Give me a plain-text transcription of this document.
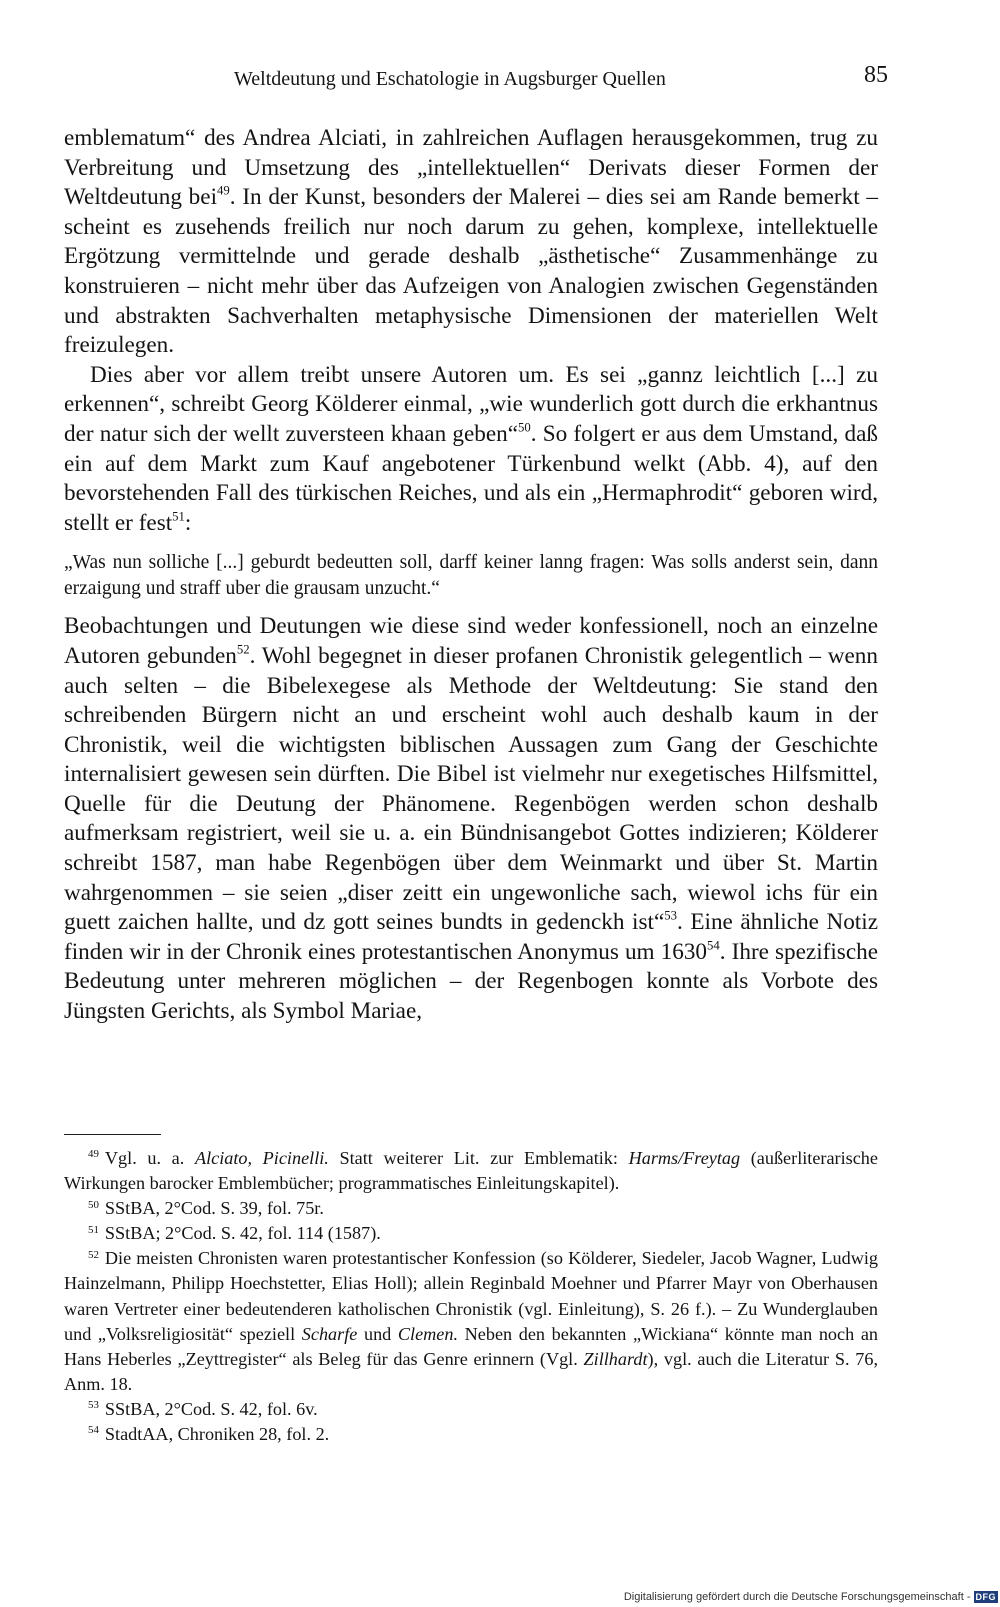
Weltdeutung und Eschatologie in Augsburger Quellen	85

emblematum“ des Andrea Alciati, in zahlreichen Auflagen herausgekommen, trug zu Verbreitung und Umsetzung des „intellektuellen“ Derivats dieser Formen der Weltdeutung bei$^{49}$. In der Kunst, besonders der Malerei – dies sei am Rande bemerkt – scheint es zusehends freilich nur noch darum zu gehen, komplexe, intellektuelle Ergötzung vermittelnde und gerade deshalb „ästhetische“ Zusammenhänge zu konstruieren – nicht mehr über das Aufzeigen von Analogien zwischen Gegenständen und abstrakten Sachverhalten metaphysische Dimensionen der materiellen Welt freizulegen.

Dies aber vor allem treibt unsere Autoren um. Es sei „gannz leichtlich [...] zu erkennen“, schreibt Georg Kölderer einmal, „wie wunderlich gott durch die erkhantnus der natur sich der wellt zuversteen khaan geben“$^{50}$. So folgert er aus dem Umstand, daß ein auf dem Markt zum Kauf angebotener Türkenbund welkt (Abb. 4), auf den bevorstehenden Fall des türkischen Reiches, und als ein „Hermaphrodit“ geboren wird, stellt er fest$^{51}$:

„Was nun solliche [...] geburdt bedeutten soll, darff keiner lanng fragen: Was solls anderst sein, dann erzaigung und straff uber die grausam unzucht.“

Beobachtungen und Deutungen wie diese sind weder konfessionell, noch an einzelne Autoren gebunden$^{52}$. Wohl begegnet in dieser profanen Chronistik gelegentlich – wenn auch selten – die Bibelexegese als Methode der Weltdeutung: Sie stand den schreibenden Bürgern nicht an und erscheint wohl auch deshalb kaum in der Chronistik, weil die wichtigsten biblischen Aussagen zum Gang der Geschichte internalisiert gewesen sein dürften. Die Bibel ist vielmehr nur exegetisches Hilfsmittel, Quelle für die Deutung der Phänomene. Regenbögen werden schon deshalb aufmerksam registriert, weil sie u. a. ein Bündnisangebot Gottes indizieren; Kölderer schreibt 1587, man habe Regenbögen über dem Weinmarkt und über St. Martin wahrgenommen – sie seien „diser zeitt ein ungewonliche sach, wiewol ichs für ein guett zaichen hallte, und dz gott seines bundts in gedenckh ist“$^{53}$. Eine ähnliche Notiz finden wir in der Chronik eines protestantischen Anonymus um 1630$^{54}$. Ihre spezifische Bedeutung unter mehreren möglichen – der Regenbogen konnte als Vorbote des Jüngsten Gerichts, als Symbol Mariae,

$^{49}$ Vgl. u. a. Alciato, Picinelli. Statt weiterer Lit. zur Emblematik: Harms/Freytag (außerliterarische Wirkungen barocker Emblembücher; programmatisches Einleitungskapitel).

$^{50}$ SStBA, 2°Cod. S. 39, fol. 75r.

$^{51}$ SStBA; 2°Cod. S. 42, fol. 114 (1587).

$^{52}$ Die meisten Chronisten waren protestantischer Konfession (so Kölderer, Siedeler, Jacob Wagner, Ludwig Hainzelmann, Philipp Hoechstetter, Elias Holl); allein Reginbald Moehner und Pfarrer Mayr von Oberhausen waren Vertreter einer bedeutenderen katholischen Chronistik (vgl. Einleitung), S. 26 f.). – Zu Wunderglauben und „Volksreligiosität“ speziell Scharfe und Clemen. Neben den bekannten „Wickiana“ könnte man noch an Hans Heberles „Zeyttregister“ als Beleg für das Genre erinnern (Vgl. Zillhardt), vgl. auch die Literatur S. 76, Anm. 18.

$^{53}$ SStBA, 2°Cod. S. 42, fol. 6v.

$^{54}$ StadtAA, Chroniken 28, fol. 2.

Digitalisierung gefördert durch die Deutsche Forschungsgemeinschaft - DFG
